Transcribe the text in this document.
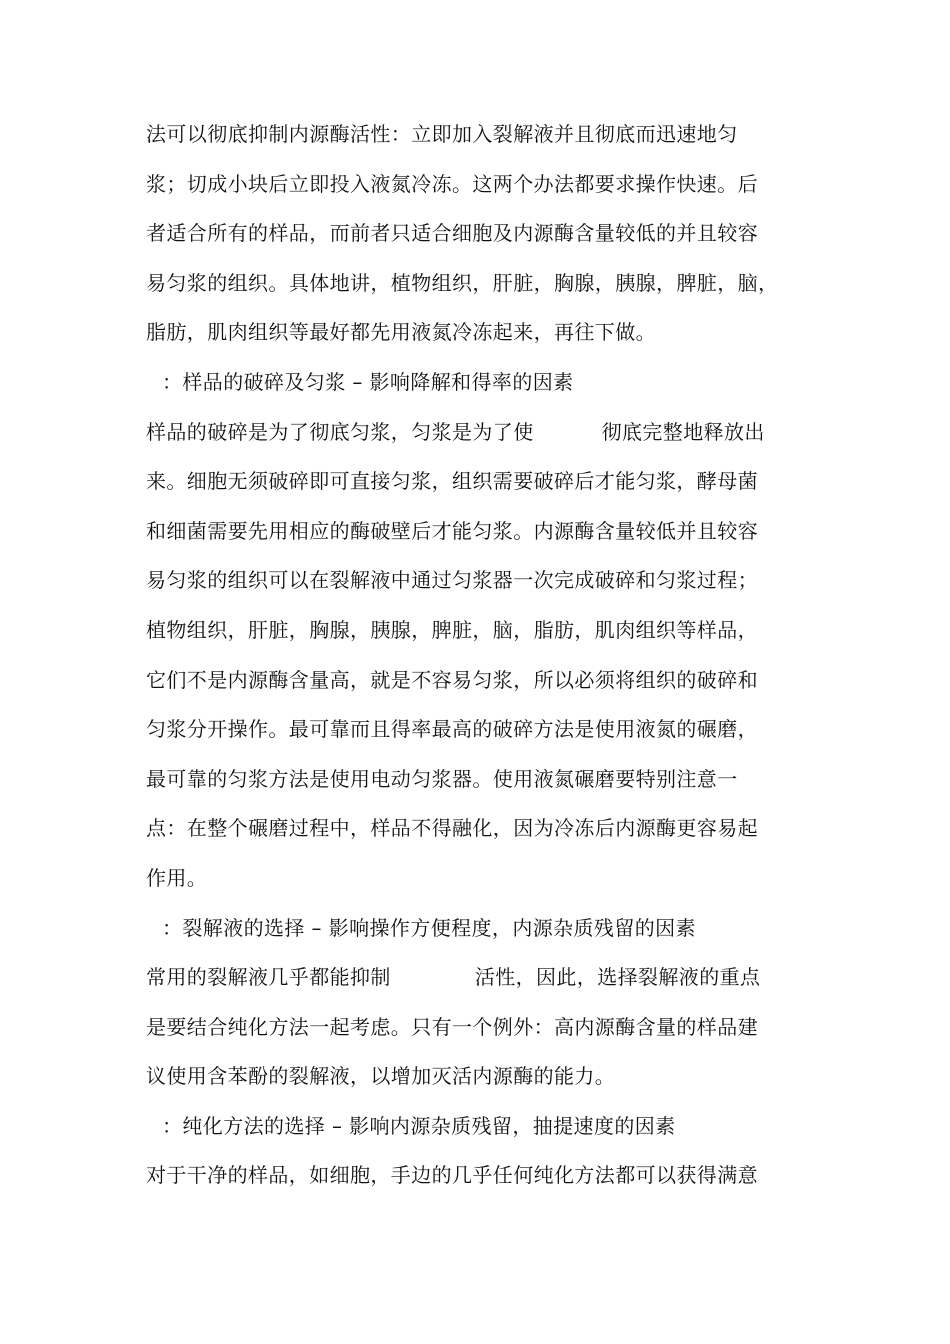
法可以彻底抑制内源酶活性：立即加入裂解液并且彻底而迅速地匀
浆；切成小块后立即投入液氮冷冻。这两个办法都要求操作快速。后
者适合所有的样品，而前者只适合细胞及内源酶含量较低的并且较容
易匀浆的组织。具体地讲，植物组织，肝脏，胸腺，胰腺，脾脏，脑，
脂肪，肌肉组织等最好都先用液氮冷冻起来，再往下做。
：样品的破碎及匀浆 – 影响降解和得率的因素
样品的破碎是为了彻底匀浆，匀浆是为了使	彻底完整地释放出
来。细胞无须破碎即可直接匀浆，组织需要破碎后才能匀浆，酵母菌
和细菌需要先用相应的酶破壁后才能匀浆。内源酶含量较低并且较容
易匀浆的组织可以在裂解液中通过匀浆器一次完成破碎和匀浆过程；
植物组织，肝脏，胸腺，胰腺，脾脏，脑，脂肪，肌肉组织等样品，
它们不是内源酶含量高，就是不容易匀浆，所以必须将组织的破碎和
匀浆分开操作。最可靠而且得率最高的破碎方法是使用液氮的碾磨，
最可靠的匀浆方法是使用电动匀浆器。使用液氮碾磨要特别注意一
点：在整个碾磨过程中，样品不得融化，因为冷冻后内源酶更容易起
作用。
：裂解液的选择 – 影响操作方便程度，内源杂质残留的因素
常用的裂解液几乎都能抑制	活性，因此，选择裂解液的重点
是要结合纯化方法一起考虑。只有一个例外：高内源酶含量的样品建
议使用含苯酚的裂解液，以增加灭活内源酶的能力。
：纯化方法的选择 – 影响内源杂质残留，抽提速度的因素
对于干净的样品，如细胞，手边的几乎任何纯化方法都可以获得满意
